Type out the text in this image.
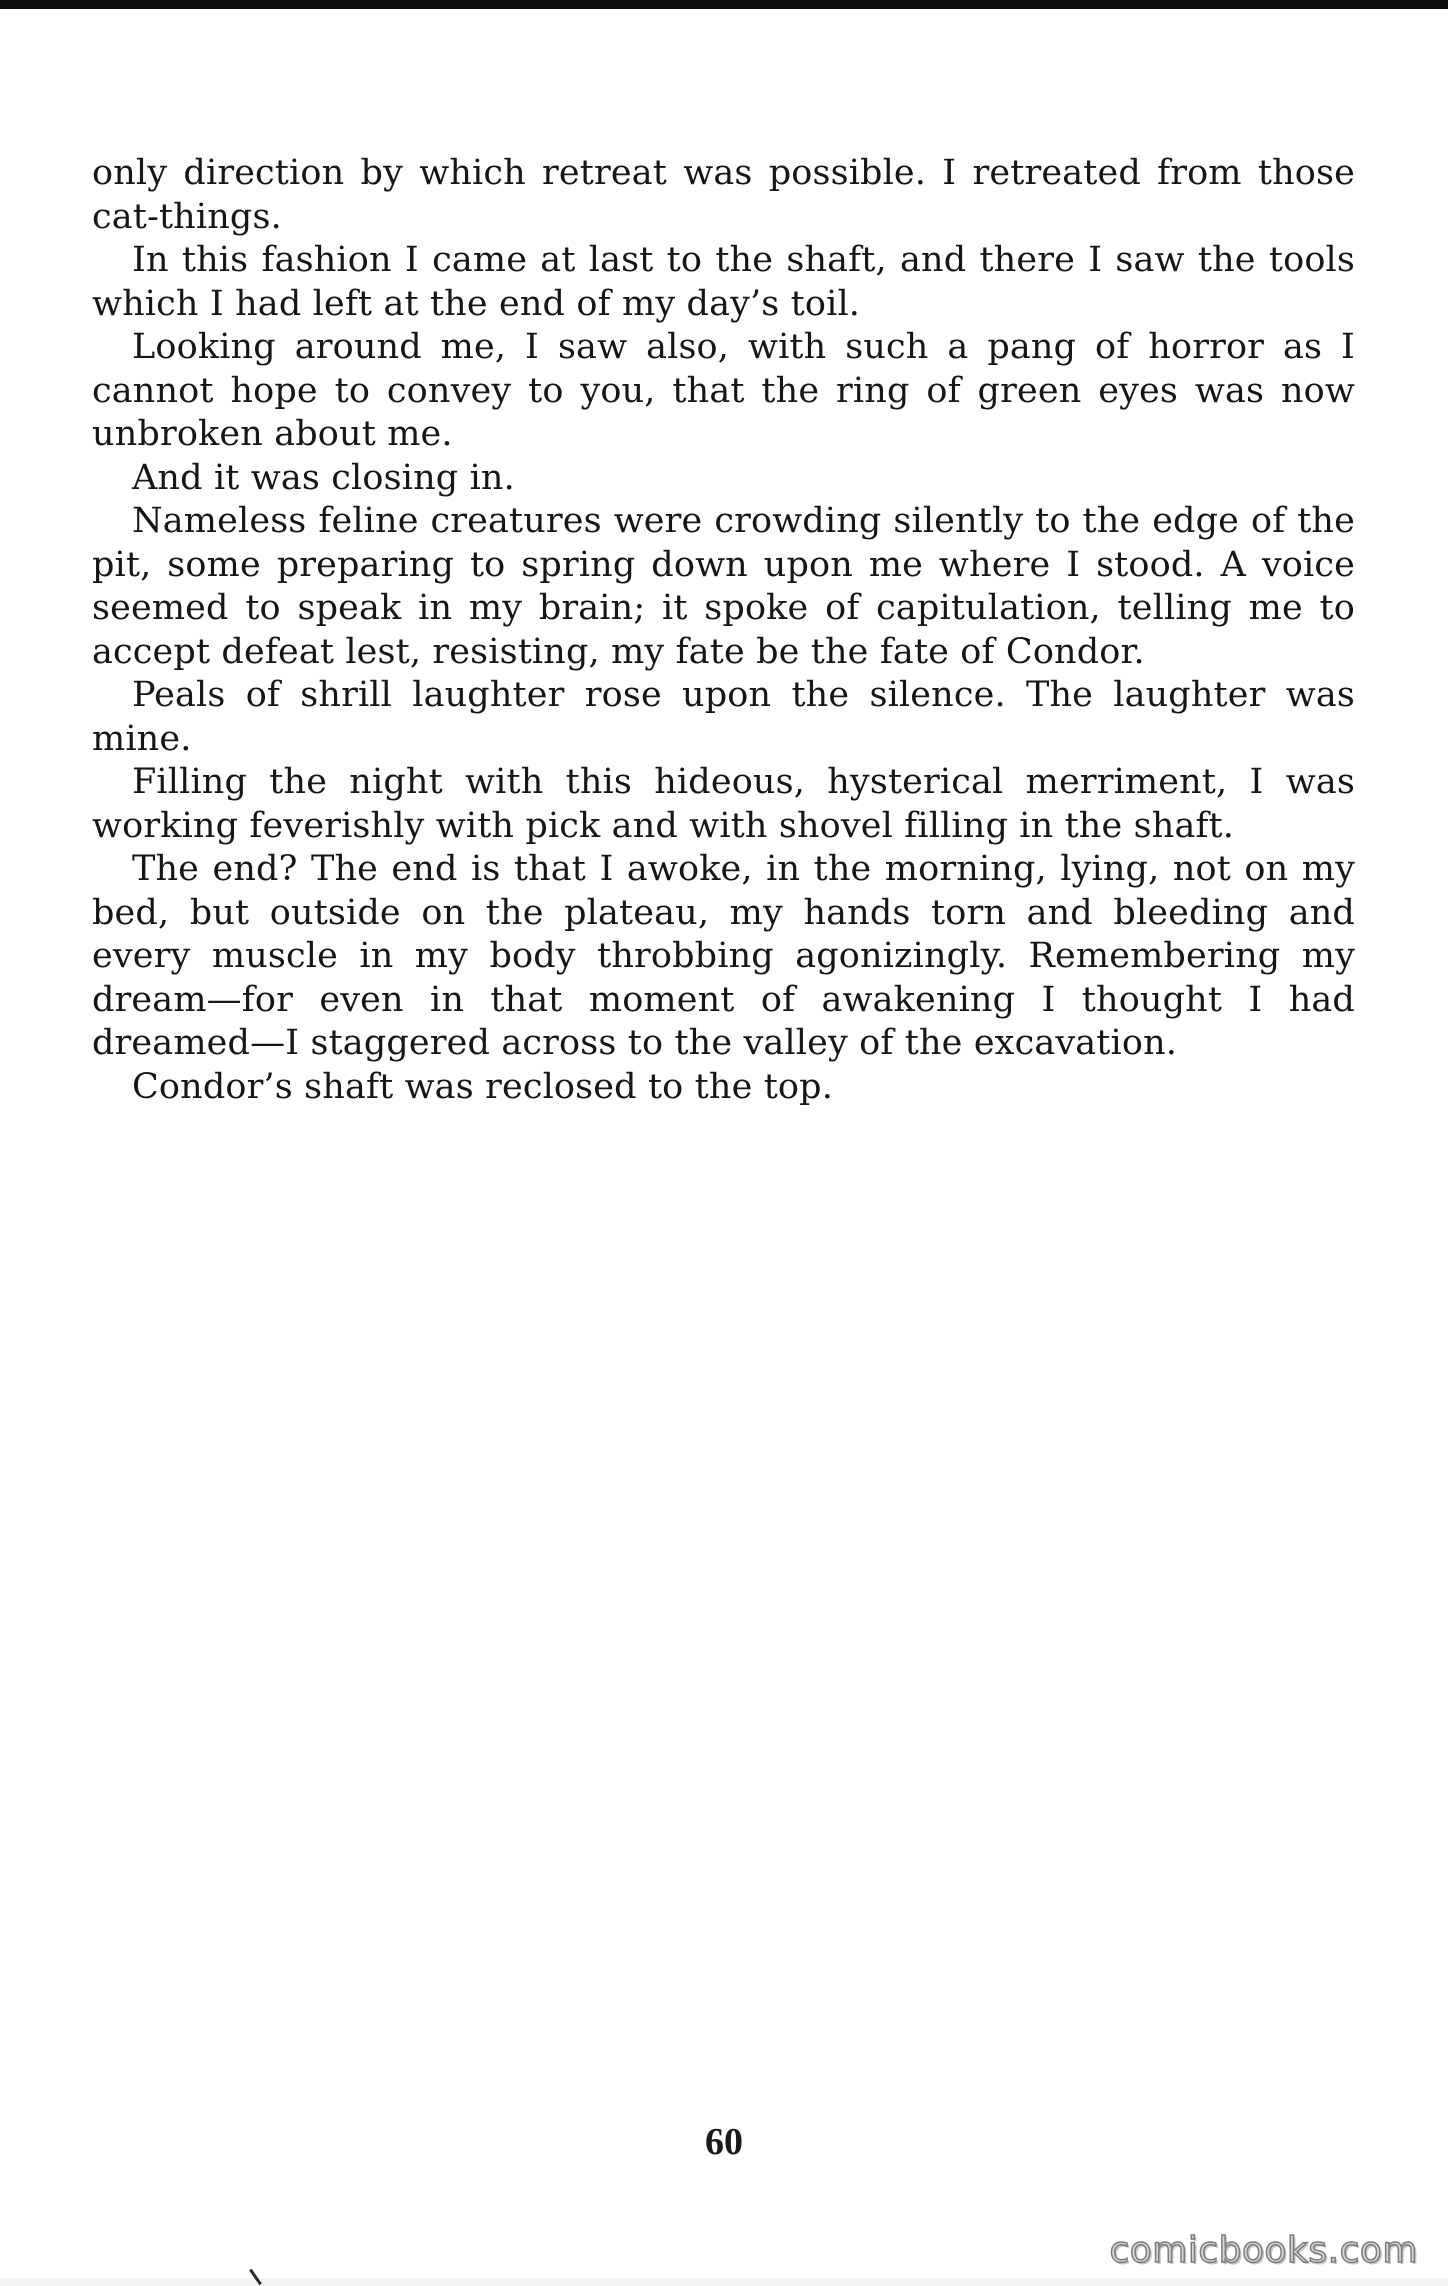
only direction by which retreat was possible. I retreated from those cat-things.

In this fashion I came at last to the shaft, and there I saw the tools which I had left at the end of my day’s toil.

Looking around me, I saw also, with such a pang of horror as I cannot hope to convey to you, that the ring of green eyes was now unbroken about me.

And it was closing in.

Nameless feline creatures were crowding silently to the edge of the pit, some preparing to spring down upon me where I stood. A voice seemed to speak in my brain; it spoke of capitulation, telling me to accept defeat lest, resisting, my fate be the fate of Condor.

Peals of shrill laughter rose upon the silence. The laughter was mine.

Filling the night with this hideous, hysterical merriment, I was working feverishly with pick and with shovel filling in the shaft.

The end? The end is that I awoke, in the morning, lying, not on my bed, but outside on the plateau, my hands torn and bleeding and every muscle in my body throbbing agonizingly. Remembering my dream—for even in that moment of awakening I thought I had dreamed—I staggered across to the valley of the excavation.

Condor’s shaft was reclosed to the top.

60
comicbooks.com
